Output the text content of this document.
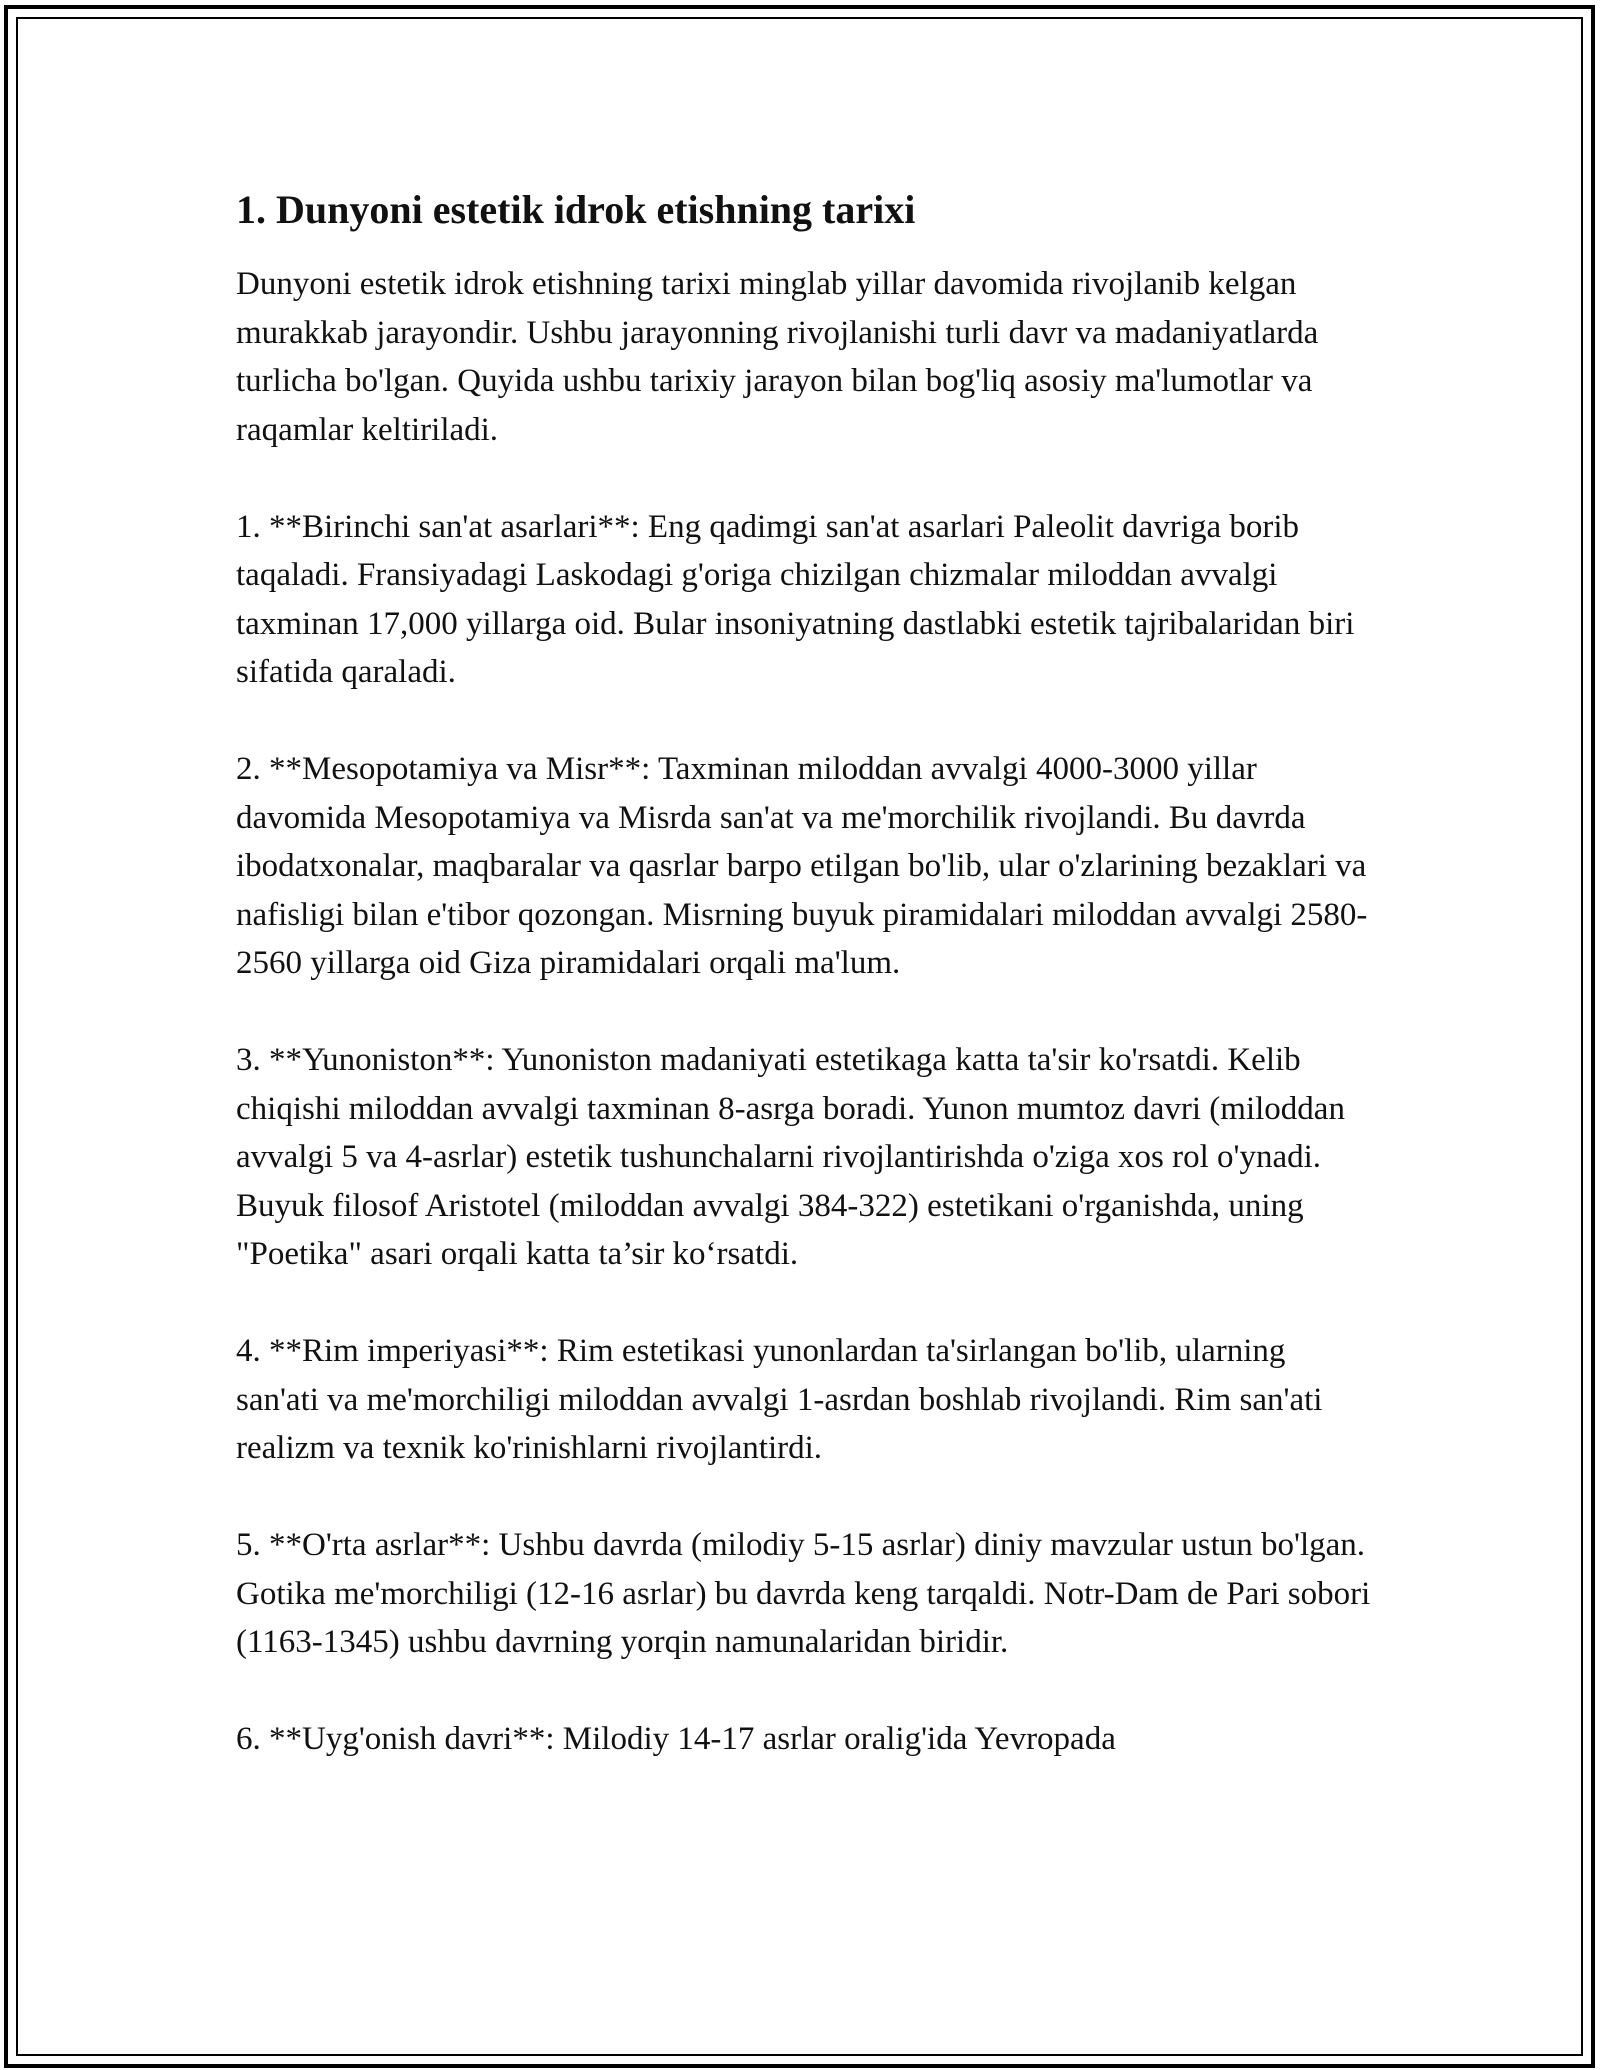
1. Dunyoni estetik idrok etishning tarixi

Dunyoni estetik idrok etishning tarixi minglab yillar davomida rivojlanib kelgan murakkab jarayondir. Ushbu jarayonning rivojlanishi turli davr va madaniyatlarda turlicha bo'lgan. Quyida ushbu tarixiy jarayon bilan bog'liq asosiy ma'lumotlar va raqamlar keltiriladi.

1. **Birinchi san'at asarlari**: Eng qadimgi san'at asarlari Paleolit davriga borib taqaladi. Fransiyadagi Laskodagi g'origa chizilgan chizmalar miloddan avvalgi taxminan 17,000 yillarga oid. Bular insoniyatning dastlabki estetik tajribalaridan biri sifatida qaraladi.

2. **Mesopotamiya va Misr**: Taxminan miloddan avvalgi 4000-3000 yillar davomida Mesopotamiya va Misrda san'at va me'morchilik rivojlandi. Bu davrda ibodatxonalar, maqbaralar va qasrlar barpo etilgan bo'lib, ular o'zlarining bezaklari va nafisligi bilan e'tibor qozongan. Misrning buyuk piramidalari miloddan avvalgi 2580-2560 yillarga oid Giza piramidalari orqali ma'lum.

3. **Yunoniston**: Yunoniston madaniyati estetikaga katta ta'sir ko'rsatdi. Kelib chiqishi miloddan avvalgi taxminan 8-asrga boradi. Yunon mumtoz davri (miloddan avvalgi 5 va 4-asrlar) estetik tushunchalarni rivojlantirishda o'ziga xos rol o'ynadi. Buyuk filosof Aristotel (miloddan avvalgi 384-322) estetikani o'rganishda, uning "Poetika" asari orqali katta ta’sir ko‘rsatdi.

4. **Rim imperiyasi**: Rim estetikasi yunonlardan ta'sirlangan bo'lib, ularning san'ati va me'morchiligi miloddan avvalgi 1-asrdan boshlab rivojlandi. Rim san'ati realizm va texnik ko'rinishlarni rivojlantirdi.

5. **O'rta asrlar**: Ushbu davrda (milodiy 5-15 asrlar) diniy mavzular ustun bo'lgan. Gotika me'morchiligi (12-16 asrlar) bu davrda keng tarqaldi. Notr-Dam de Pari sobori (1163-1345) ushbu davrning yorqin namunalaridan biridir.

6. **Uyg'onish davri**: Milodiy 14-17 asrlar oralig'ida Yevropada
